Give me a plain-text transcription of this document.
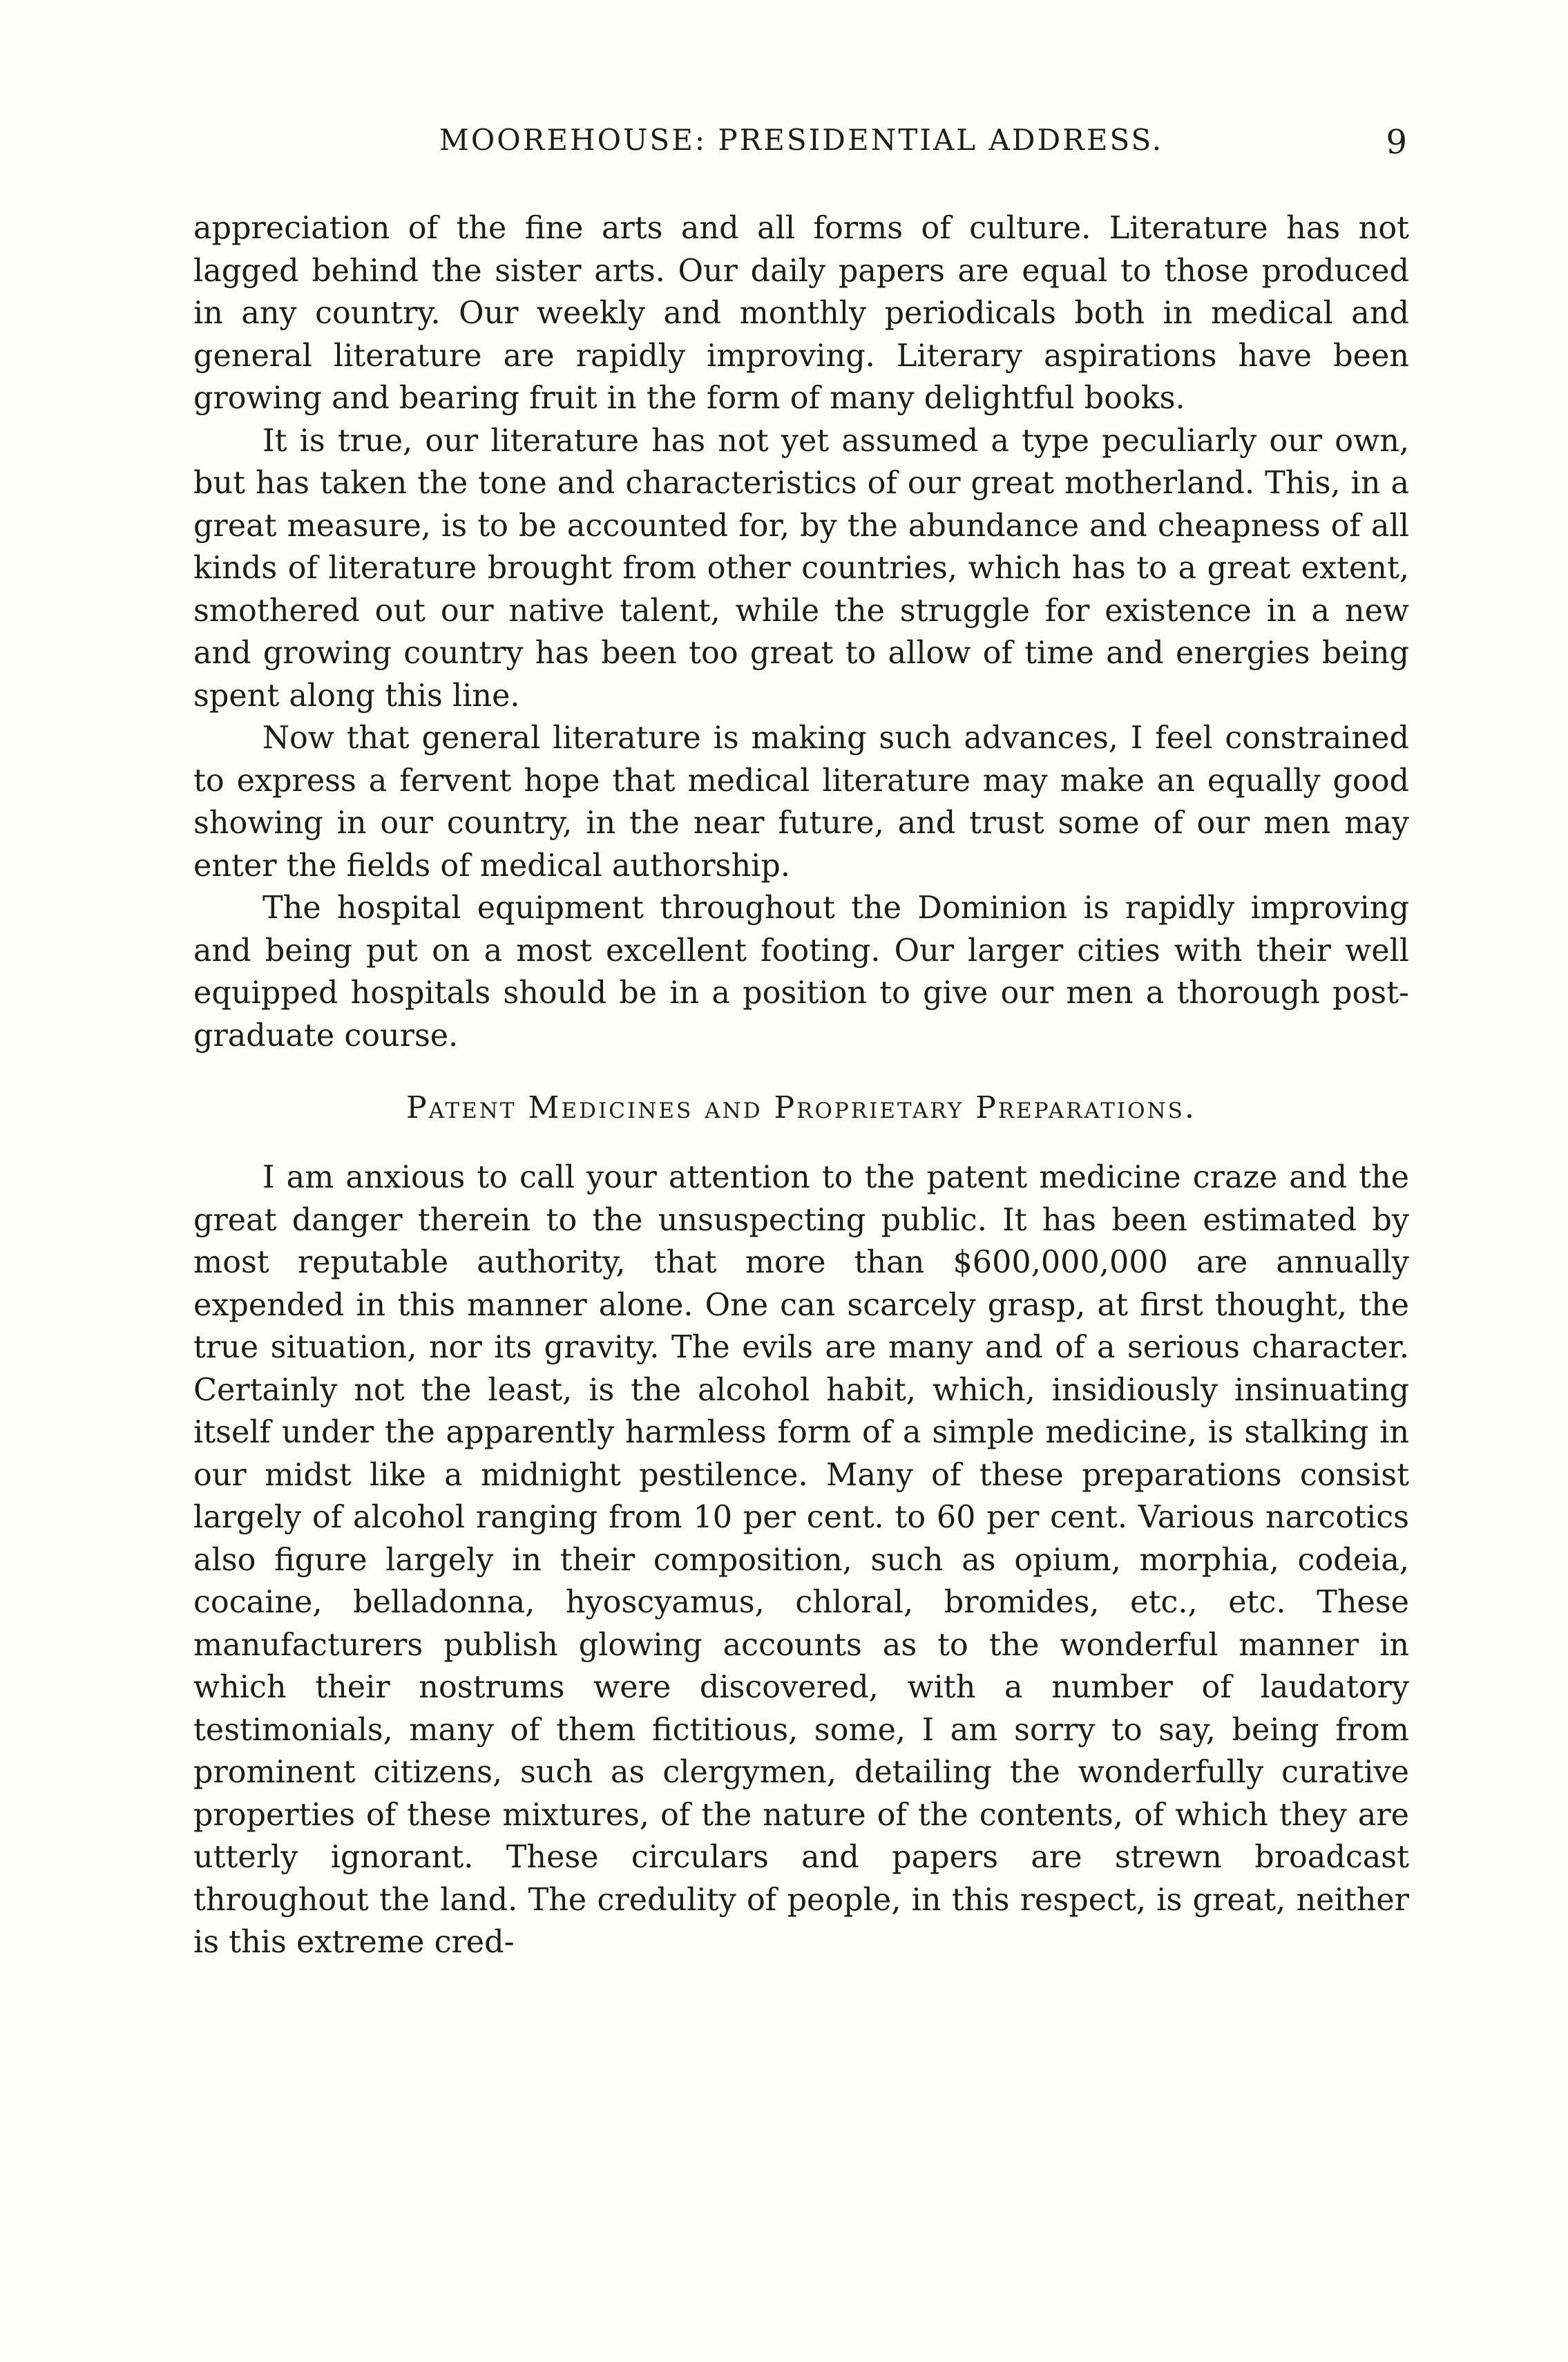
MOOREHOUSE: PRESIDENTIAL ADDRESS.	9

appreciation of the fine arts and all forms of culture. Literature has not lagged behind the sister arts. Our daily papers are equal to those produced in any country. Our weekly and monthly periodicals both in medical and general literature are rapidly improving. Literary aspirations have been growing and bearing fruit in the form of many delightful books.

It is true, our literature has not yet assumed a type peculiarly our own, but has taken the tone and characteristics of our great motherland. This, in a great measure, is to be accounted for, by the abundance and cheapness of all kinds of literature brought from other countries, which has to a great extent, smothered out our native talent, while the struggle for existence in a new and growing country has been too great to allow of time and energies being spent along this line.

Now that general literature is making such advances, I feel constrained to express a fervent hope that medical literature may make an equally good showing in our country, in the near future, and trust some of our men may enter the fields of medical authorship.

The hospital equipment throughout the Dominion is rapidly improving and being put on a most excellent footing. Our larger cities with their well equipped hospitals should be in a position to give our men a thorough post-graduate course.

Patent Medicines and Proprietary Preparations.

I am anxious to call your attention to the patent medicine craze and the great danger therein to the unsuspecting public. It has been estimated by most reputable authority, that more than $600,000,000 are annually expended in this manner alone. One can scarcely grasp, at first thought, the true situation, nor its gravity. The evils are many and of a serious character. Certainly not the least, is the alcohol habit, which, insidiously insinuating itself under the apparently harmless form of a simple medicine, is stalking in our midst like a midnight pestilence. Many of these preparations consist largely of alcohol ranging from 10 per cent. to 60 per cent. Various narcotics also figure largely in their composition, such as opium, morphia, codeia, cocaine, belladonna, hyoscyamus, chloral, bromides, etc., etc. These manufacturers publish glowing accounts as to the wonderful manner in which their nostrums were discovered, with a number of laudatory testimonials, many of them fictitious, some, I am sorry to say, being from prominent citizens, such as clergymen, detailing the wonderfully curative properties of these mixtures, of the nature of the contents, of which they are utterly ignorant. These circulars and papers are strewn broadcast throughout the land. The credulity of people, in this respect, is great, neither is this extreme cred-
